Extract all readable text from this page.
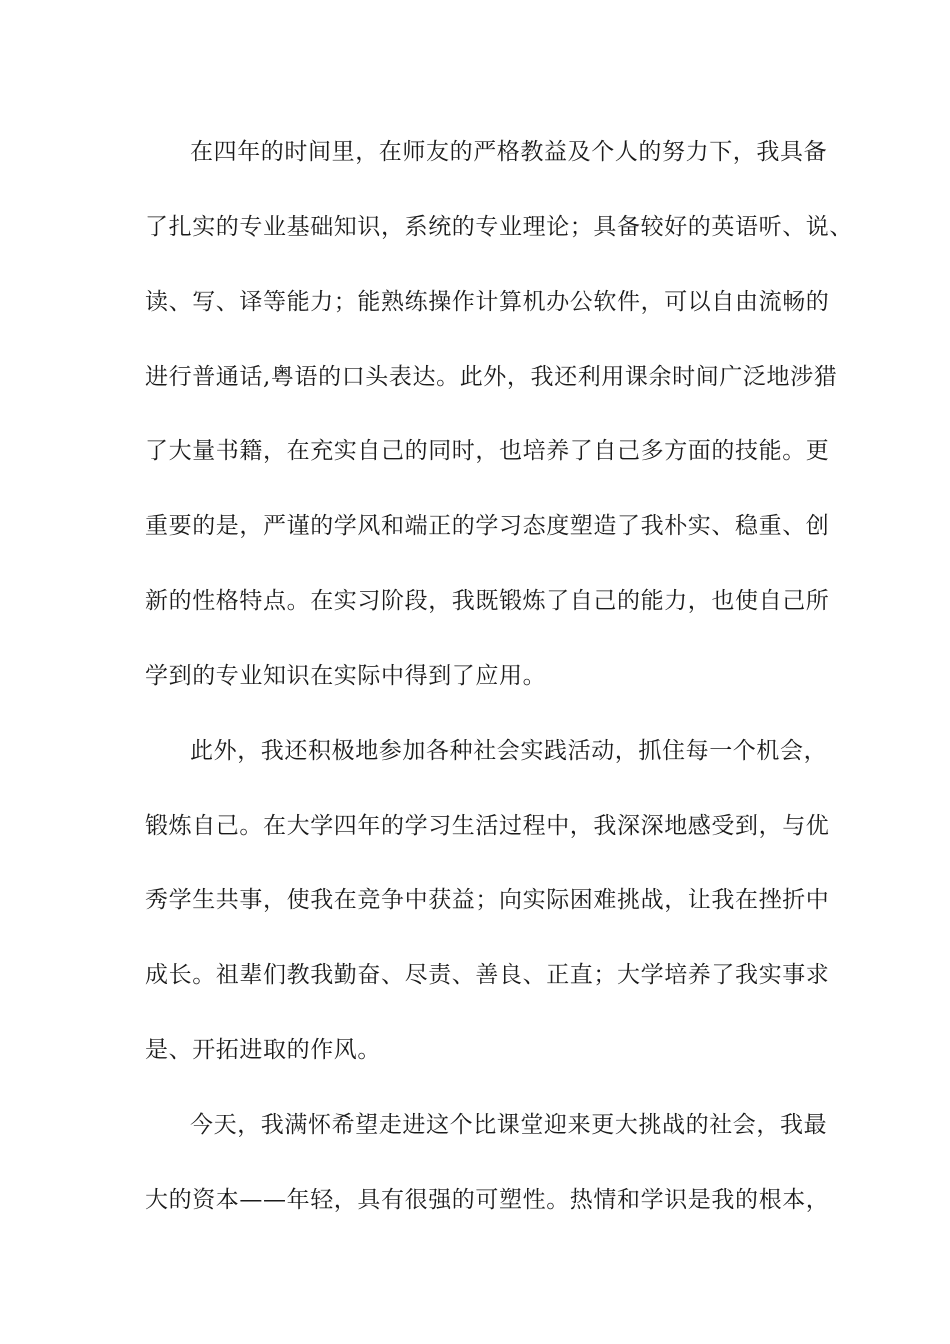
在四年的时间里，在师友的严格教益及个人的努力下，我具备
了扎实的专业基础知识，系统的专业理论；具备较好的英语听、说、
读、写、译等能力；能熟练操作计算机办公软件，可以自由流畅的
进行普通话,粤语的口头表达。此外，我还利用课余时间广泛地涉猎
了大量书籍，在充实自己的同时，也培养了自己多方面的技能。更
重要的是，严谨的学风和端正的学习态度塑造了我朴实、稳重、创
新的性格特点。在实习阶段，我既锻炼了自己的能力，也使自己所
学到的专业知识在实际中得到了应用。
此外，我还积极地参加各种社会实践活动，抓住每一个机会，
锻炼自己。在大学四年的学习生活过程中，我深深地感受到，与优
秀学生共事，使我在竞争中获益；向实际困难挑战，让我在挫折中
成长。祖辈们教我勤奋、尽责、善良、正直；大学培养了我实事求
是、开拓进取的作风。
今天，我满怀希望走进这个比课堂迎来更大挑战的社会，我最
大的资本——年轻，具有很强的可塑性。热情和学识是我的根本，
